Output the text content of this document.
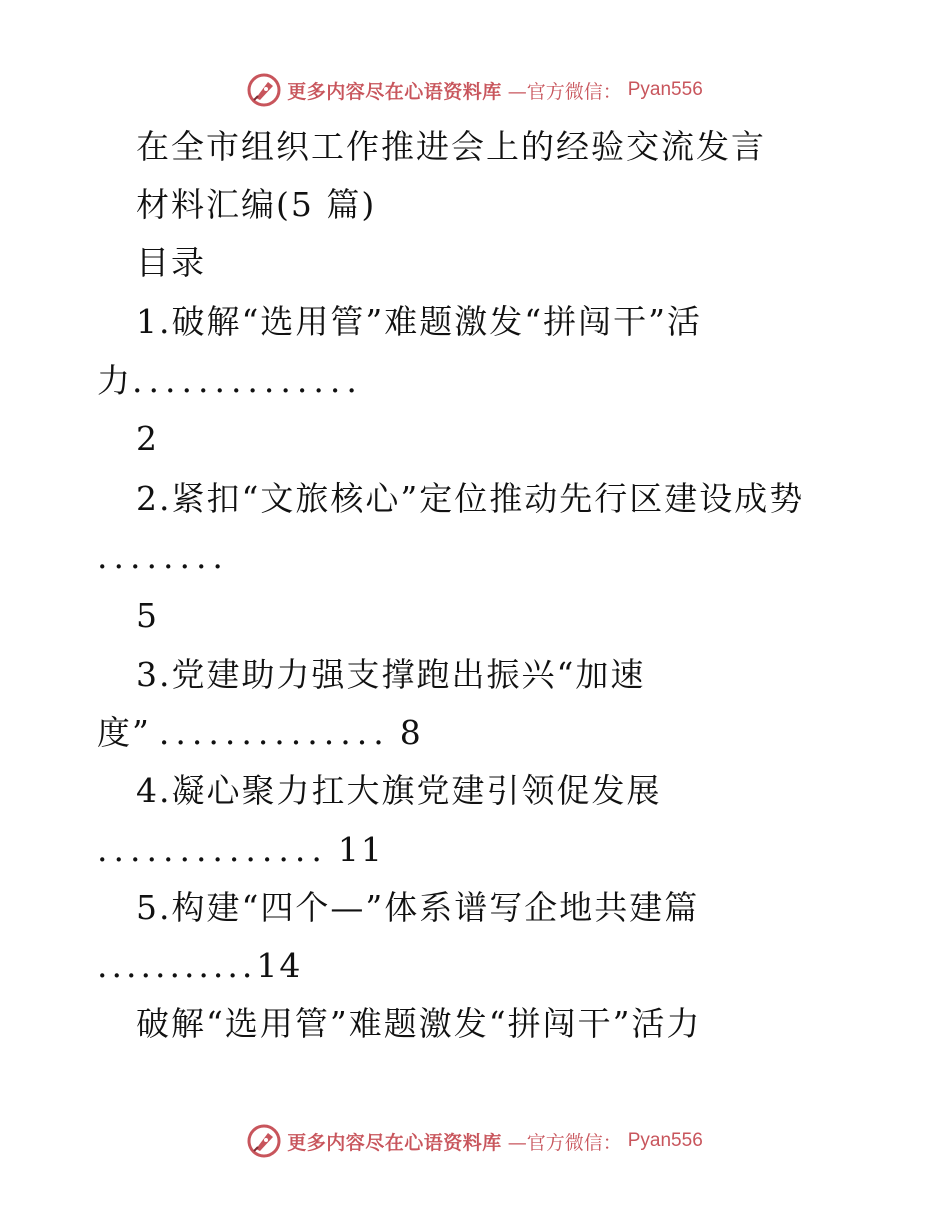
更多内容尽在心语资料库 —官方微信： Pyan556
在全市组织工作推进会上的经验交流发言
材料汇编(5 篇)
目录
1.破解“选用管”难题激发“拼闯干”活
力..............
2
2.紧扣“文旅核心”定位推动先行区建设成势
........
5
3.党建助力强支撑跑出振兴“加速
度” .............. 8
4.凝心聚力扛大旗党建引领促发展
.............. 11
5.构建“四个—”体系谱写企地共建篇
...........14
破解“选用管”难题激发“拼闯干”活力
更多内容尽在心语资料库 —官方微信： Pyan556
